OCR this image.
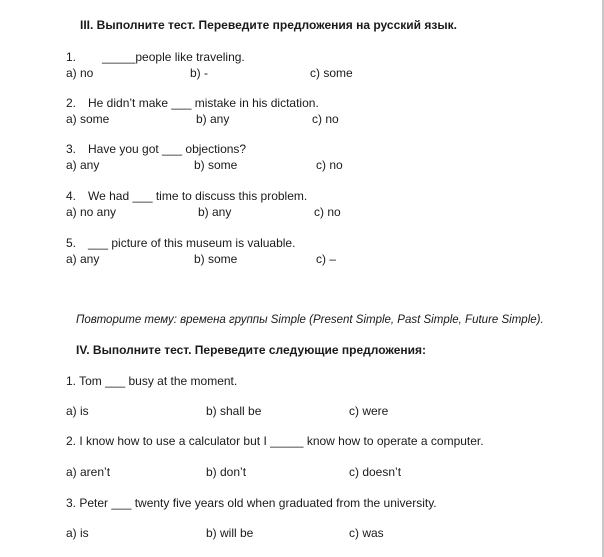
III. Выполните тест. Переведите предложения на русский язык.
1. _____people like traveling.
a) no	b) -	c) some
2. He didn’t make ___ mistake in his dictation.
a) some	b) any	c) no
3. Have you got ___ objections?
a) any	b) some	c) no
4. We had ___ time to discuss this problem.
a) no any	b) any	c) no
5. ___ picture of this museum is valuable.
a) any	b) some	c) –
Повторите тему: времена группы Simple (Present Simple, Past Simple, Future Simple).
IV. Выполните тест. Переведите следующие предложения:
1. Tom ___ busy at the moment.
a) is	b) shall be	c) were
2. I know how to use a calculator but I _____ know how to operate a computer.
a) aren’t	b) don’t	c) doesn’t
3. Peter ___ twenty five years old when graduated from the university.
a) is	b) will be	c) was
